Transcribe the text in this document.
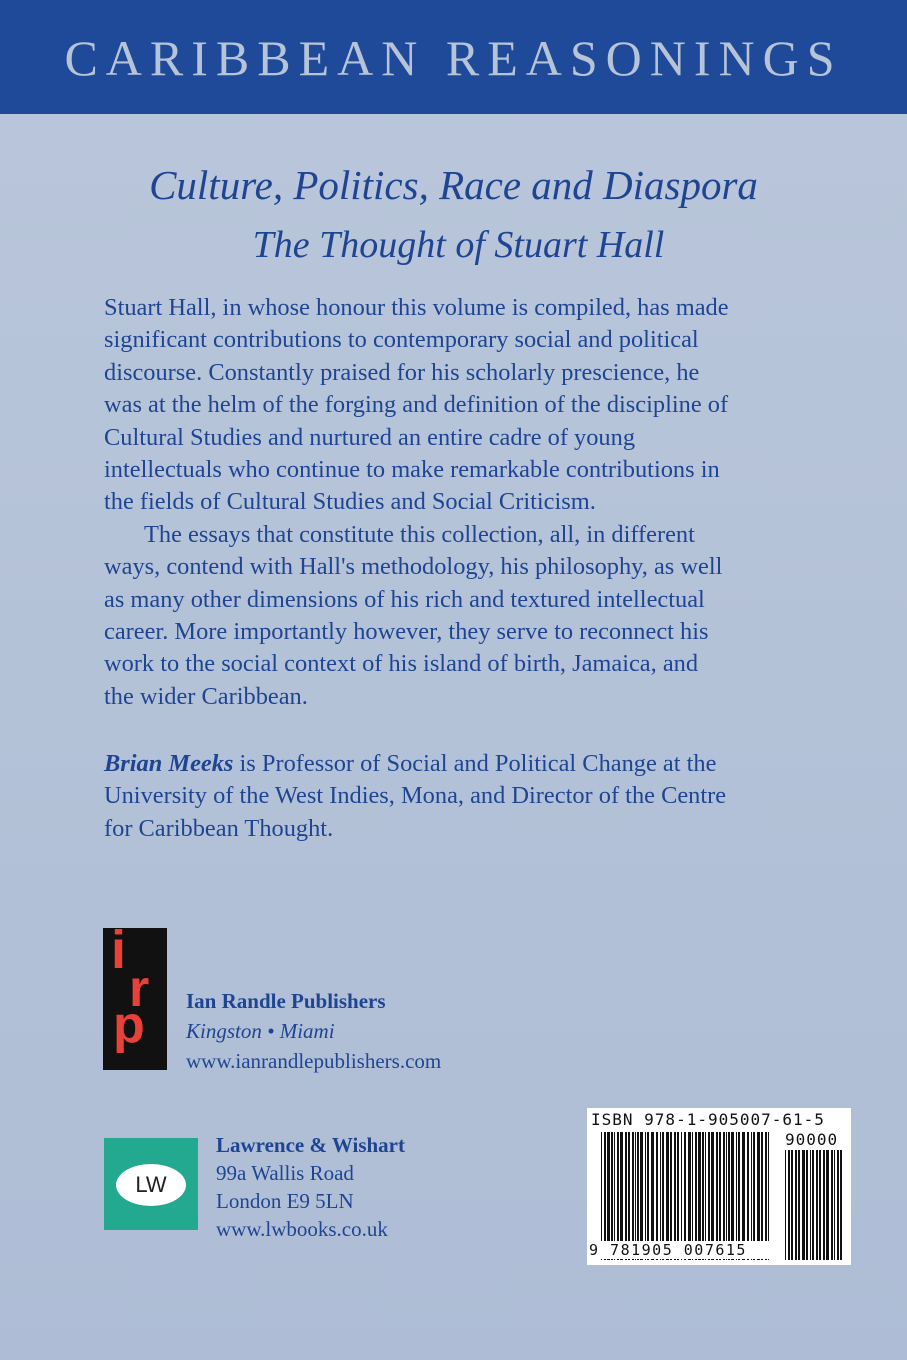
CARIBBEAN REASONINGS
Culture, Politics, Race and Diaspora
The Thought of Stuart Hall

Stuart Hall, in whose honour this volume is compiled, has made

significant contributions to contemporary social and political

discourse. Constantly praised for his scholarly prescience, he

was at the helm of the forging and definition of the discipline of

Cultural Studies and nurtured an entire cadre of young

intellectuals who continue to make remarkable contributions in

the fields of Cultural Studies and Social Criticism.

The essays that constitute this collection, all, in different

ways, contend with Hall's methodology, his philosophy, as well

as many other dimensions of his rich and textured intellectual

career. More importantly however, they serve to reconnect his

work to the social context of his island of birth, Jamaica, and

the wider Caribbean.

Brian Meeks is Professor of Social and Political Change at the

University of the West Indies, Mona, and Director of the Centre

for Caribbean Thought.

i
r
p Ian Randle Publishers
Kingston • Miami
www.ianrandlepublishers.com
LW
Lawrence & Wishart
99a Wallis Road
London E9 5LN
www.lwbooks.co.uk
ISBN 978-1-905007-61-5
90000
9 781905 007615
